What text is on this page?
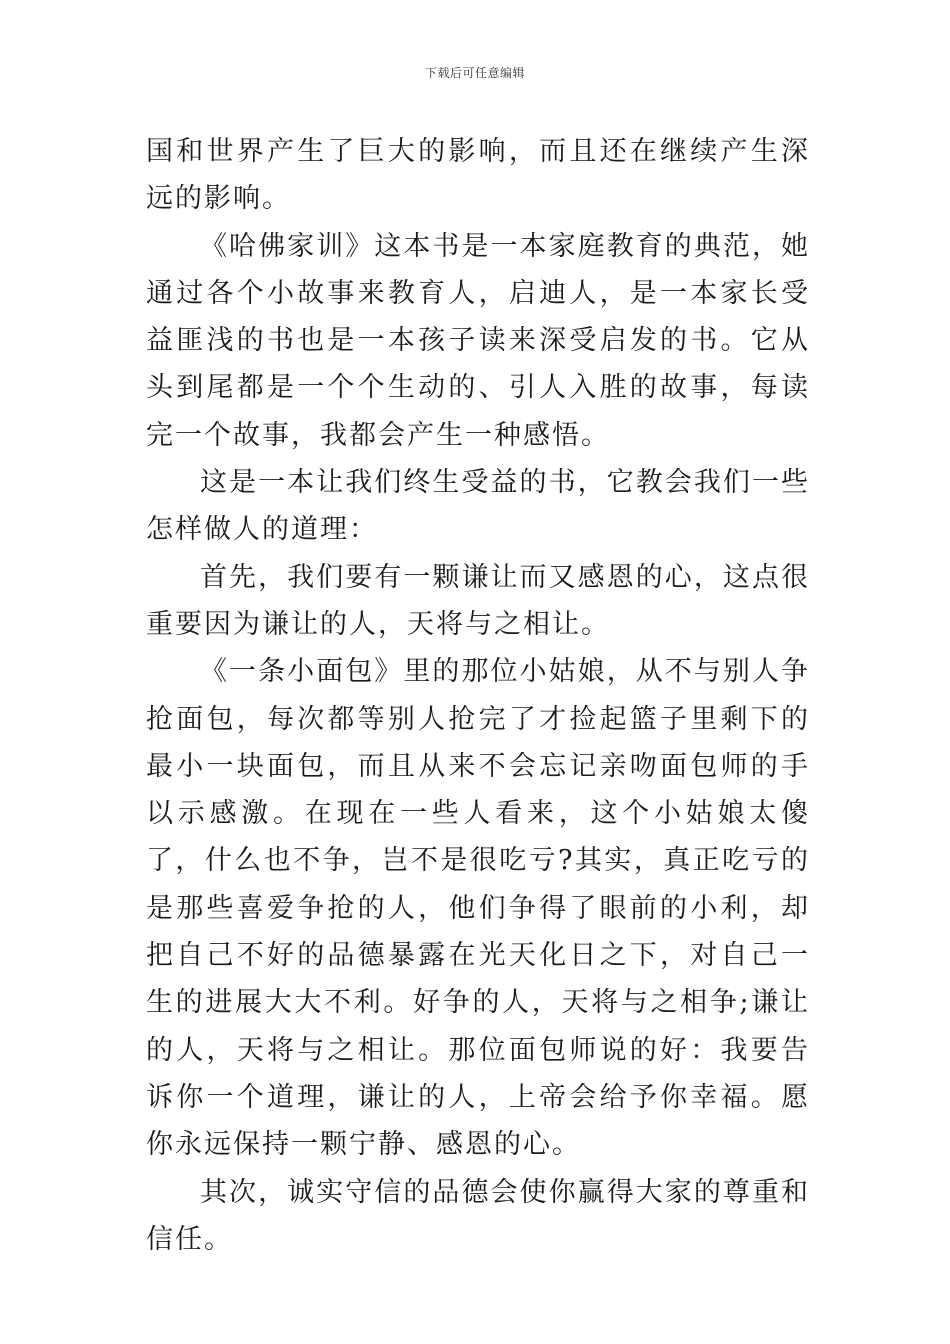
下载后可任意编辑

国和世界产生了巨大的影响，而且还在继续产生深远的影响。

《哈佛家训》这本书是一本家庭教育的典范，她通过各个小故事来教育人，启迪人，是一本家长受益匪浅的书也是一本孩子读来深受启发的书。它从头到尾都是一个个生动的、引人入胜的故事，每读完一个故事，我都会产生一种感悟。

这是一本让我们终生受益的书，它教会我们一些怎样做人的道理：

首先，我们要有一颗谦让而又感恩的心，这点很重要因为谦让的人，天将与之相让。

《一条小面包》里的那位小姑娘，从不与别人争抢面包，每次都等别人抢完了才捡起篮子里剩下的最小一块面包，而且从来不会忘记亲吻面包师的手以示感激。在现在一些人看来，这个小姑娘太傻了，什么也不争，岂不是很吃亏?其实，真正吃亏的是那些喜爱争抢的人，他们争得了眼前的小利，却把自己不好的品德暴露在光天化日之下，对自己一生的进展大大不利。好争的人，天将与之相争;谦让的人，天将与之相让。那位面包师说的好：我要告诉你一个道理，谦让的人，上帝会给予你幸福。愿你永远保持一颗宁静、感恩的心。

其次，诚实守信的品德会使你赢得大家的尊重和信任。
